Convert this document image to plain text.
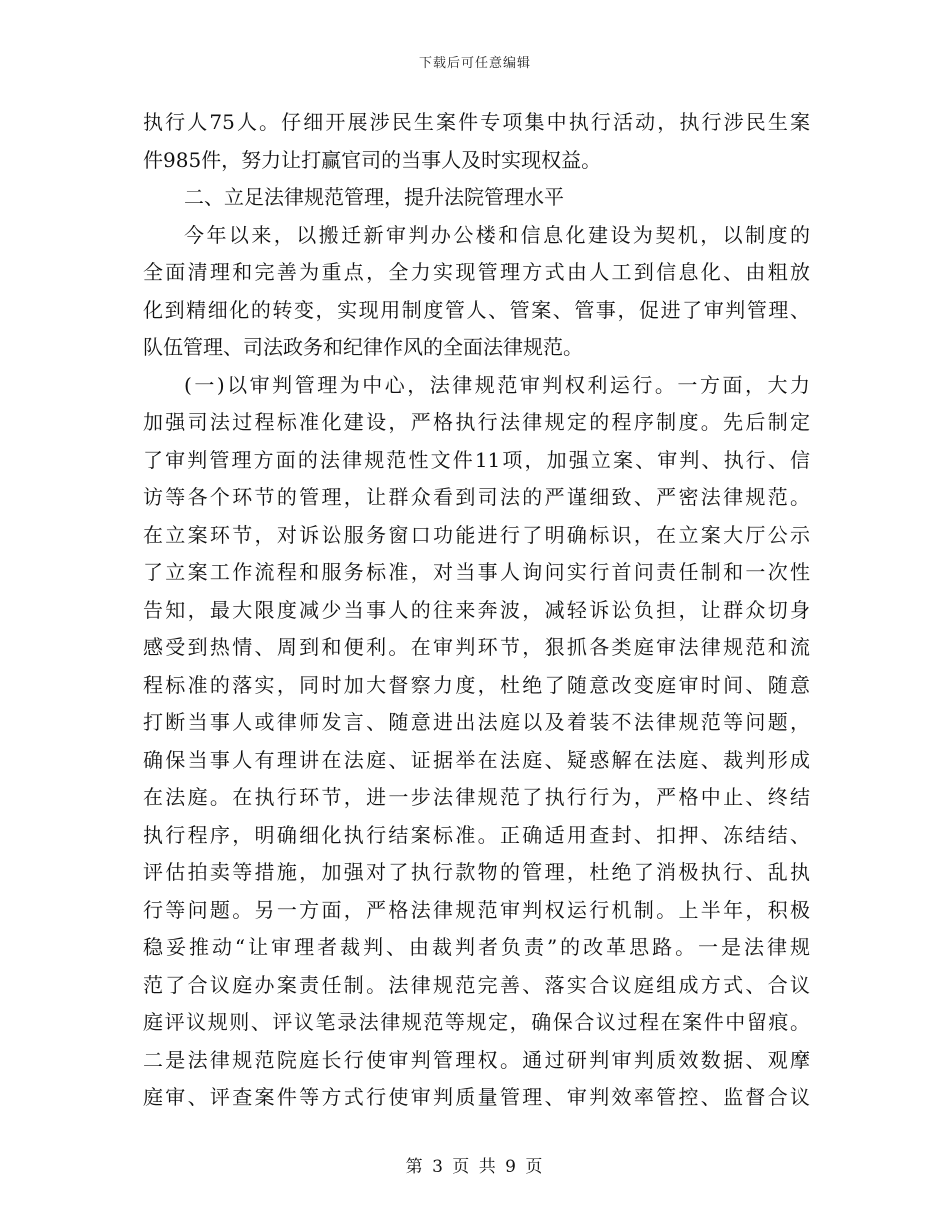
下载后可任意编辑
执行人75人。仔细开展涉民生案件专项集中执行活动，执行涉民生案
件985件，努力让打赢官司的当事人及时实现权益。
二、立足法律规范管理，提升法院管理水平
今年以来，以搬迁新审判办公楼和信息化建设为契机，以制度的
全面清理和完善为重点，全力实现管理方式由人工到信息化、由粗放
化到精细化的转变，实现用制度管人、管案、管事，促进了审判管理、
队伍管理、司法政务和纪律作风的全面法律规范。
(一)以审判管理为中心，法律规范审判权利运行。一方面，大力
加强司法过程标准化建设，严格执行法律规定的程序制度。先后制定
了审判管理方面的法律规范性文件11项，加强立案、审判、执行、信
访等各个环节的管理，让群众看到司法的严谨细致、严密法律规范。
在立案环节，对诉讼服务窗口功能进行了明确标识，在立案大厅公示
了立案工作流程和服务标准，对当事人询问实行首问责任制和一次性
告知，最大限度减少当事人的往来奔波，减轻诉讼负担，让群众切身
感受到热情、周到和便利。在审判环节，狠抓各类庭审法律规范和流
程标准的落实，同时加大督察力度，杜绝了随意改变庭审时间、随意
打断当事人或律师发言、随意进出法庭以及着装不法律规范等问题，
确保当事人有理讲在法庭、证据举在法庭、疑惑解在法庭、裁判形成
在法庭。在执行环节，进一步法律规范了执行行为，严格中止、终结
执行程序，明确细化执行结案标准。正确适用查封、扣押、冻结结、
评估拍卖等措施，加强对了执行款物的管理，杜绝了消极执行、乱执
行等问题。另一方面，严格法律规范审判权运行机制。上半年，积极
稳妥推动“让审理者裁判、由裁判者负责”的改革思路。一是法律规
范了合议庭办案责任制。法律规范完善、落实合议庭组成方式、合议
庭评议规则、评议笔录法律规范等规定，确保合议过程在案件中留痕。
二是法律规范院庭长行使审判管理权。通过研判审判质效数据、观摩
庭审、评查案件等方式行使审判质量管理、审判效率管控、监督合议
第 3 页 共 9 页
